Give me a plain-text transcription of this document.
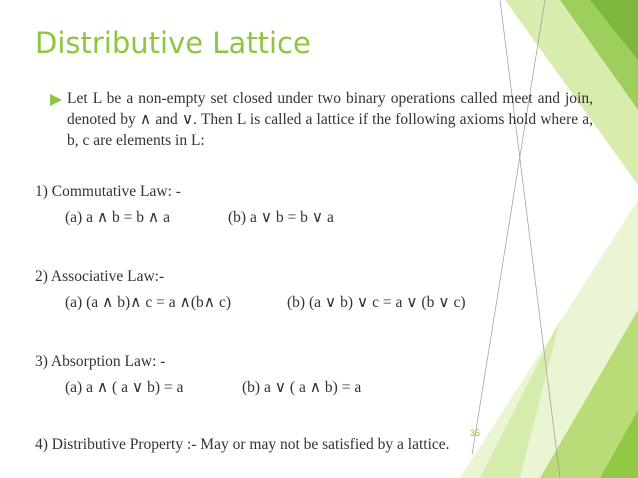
Distributive Lattice

Let L be a non-empty set closed under two binary operations called meet and join, denoted by ∧ and ∨. Then L is called a lattice if the following axioms hold where a, b, c are elements in L:

1) Commutative Law: -
(a) a ∧ b = b ∧ a	(b) a ∨ b = b ∨ a
2) Associative Law:-
(a) (a ∧ b)∧ c = a ∧(b∧ c)	(b) (a ∨ b) ∨ c = a ∨ (b ∨ c)
3) Absorption Law: -
(a) a ∧ ( a ∨ b) = a	(b) a ∨ ( a ∧ b) = a
35
4) Distributive Property :- May or may not be satisfied by a lattice.
